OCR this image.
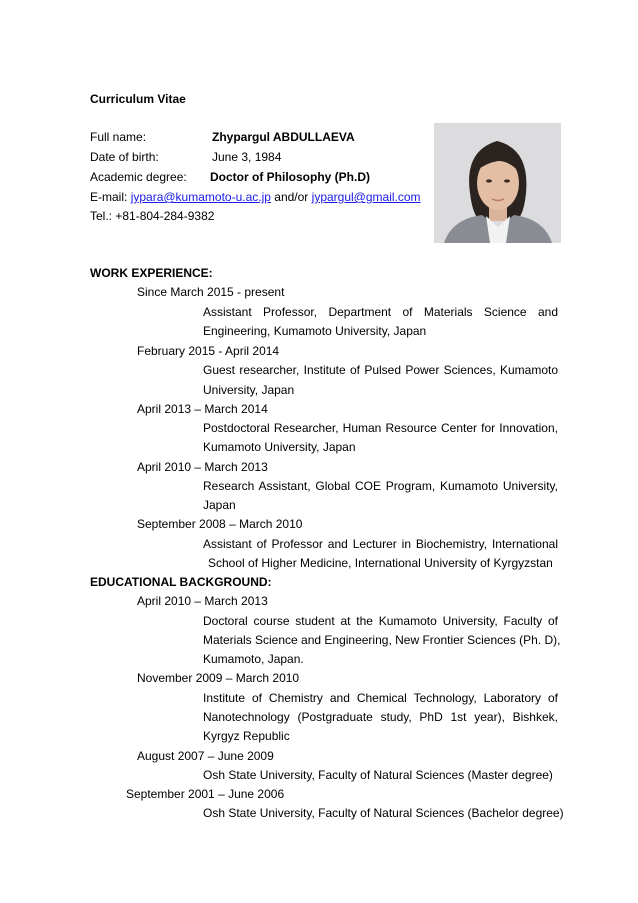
Curriculum Vitae
Full name:	Zhypargul ABDULLAEVA
Date of birth:	June 3, 1984
Academic degree: Doctor of Philosophy (Ph.D)
E-mail: jypara@kumamoto-u.ac.jp and/or jypargul@gmail.com
Tel.: +81-804-284-9382
WORK EXPERIENCE:
Since March 2015 - present
Assistant Professor, Department of Materials Science and
Engineering, Kumamoto University, Japan
February 2015 - April 2014
Guest researcher, Institute of Pulsed Power Sciences, Kumamoto
University, Japan
April 2013 – March 2014
Postdoctoral Researcher, Human Resource Center for Innovation,
Kumamoto University, Japan
April 2010 – March 2013
Research Assistant, Global COE Program, Kumamoto University,
Japan
September 2008 – March 2010
Assistant of Professor and Lecturer in Biochemistry, International
School of Higher Medicine, International University of Kyrgyzstan
EDUCATIONAL BACKGROUND:
April 2010 – March 2013
Doctoral course student at the Kumamoto University, Faculty of
Materials Science and Engineering, New Frontier Sciences (Ph. D),
Kumamoto, Japan.
November 2009 – March 2010
Institute of Chemistry and Chemical Technology, Laboratory of
Nanotechnology (Postgraduate study, PhD 1st year), Bishkek,
Kyrgyz Republic
August 2007 – June 2009
Osh State University, Faculty of Natural Sciences (Master degree)
September 2001 – June 2006
Osh State University, Faculty of Natural Sciences (Bachelor degree)
